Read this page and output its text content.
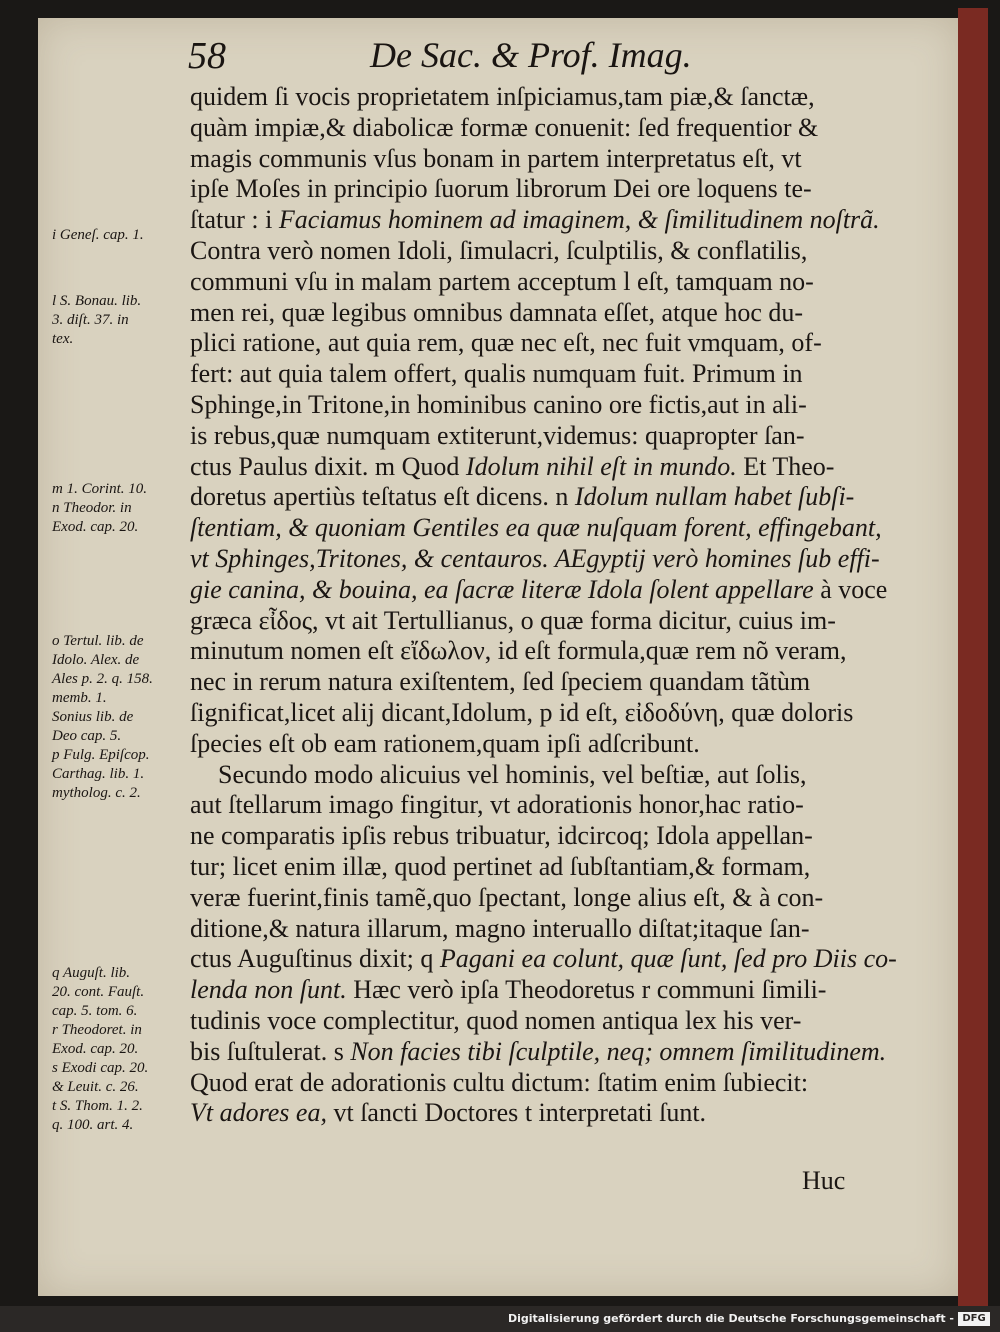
58	De Sac. & Prof. Imag.
quidem ſi vocis proprietatem inſpiciamus,tam piæ,& ſanctæ,
quàm impiæ,& diabolicæ formæ conuenit: ſed frequentior &
magis communis vſus bonam in partem interpretatus eſt, vt
ipſe Moſes in principio ſuorum librorum Dei ore loquens te-
ſtatur : i Faciamus hominem ad imaginem, & ſimilitudinem noſtrã.
Contra verò nomen Idoli, ſimulacri, ſculptilis, & conflatilis,
communi vſu in malam partem acceptum l eſt, tamquam no-
men rei, quæ legibus omnibus damnata eſſet, atque hoc du-
plici ratione, aut quia rem, quæ nec eſt, nec fuit vmquam, of-
fert: aut quia talem offert, qualis numquam fuit. Primum in
Sphinge,in Tritone,in hominibus canino ore fictis,aut in ali-
is rebus,quæ numquam extiterunt,videmus: quapropter ſan-
ctus Paulus dixit. m Quod Idolum nihil eſt in mundo. Et Theo-
doretus apertiùs teſtatus eſt dicens. n Idolum nullam habet ſubſi-
ſtentiam, & quoniam Gentiles ea quæ nuſquam forent, effingebant,
vt Sphinges,Tritones, & centauros. AEgyptij verò homines ſub effi-
gie canina, & bouina, ea ſacræ literæ Idola ſolent appellare à voce
græca εἶδος, vt ait Tertullianus, o quæ forma dicitur, cuius im-
minutum nomen eſt εἴδωλον, id eſt formula,quæ rem nõ veram,
nec in rerum natura exiſtentem, ſed ſpeciem quandam tãtùm
ſignificat,licet alij dicant,Idolum, p id eſt, εἰδοδύνη, quæ doloris
ſpecies eſt ob eam rationem,quam ipſi adſcribunt.
Secundo modo alicuius vel hominis, vel beſtiæ, aut ſolis,
aut ſtellarum imago fingitur, vt adorationis honor,hac ratio-
ne comparatis ipſis rebus tribuatur, idcircoq; Idola appellan-
tur; licet enim illæ, quod pertinet ad ſubſtantiam,& formam,
veræ fuerint,finis tamẽ,quo ſpectant, longe alius eſt, & à con-
ditione,& natura illarum, magno interuallo diſtat;itaque ſan-
ctus Auguſtinus dixit; q Pagani ea colunt, quæ ſunt, ſed pro Diis co-
lenda non ſunt. Hæc verò ipſa Theodoretus r communi ſimili-
tudinis voce complectitur, quod nomen antiqua lex his ver-
bis ſuſtulerat. s Non facies tibi ſculptile, neq; omnem ſimilitudinem.
Quod erat de adorationis cultu dictum: ſtatim enim ſubiecit:
Vt adores ea, vt ſancti Doctores t interpretati ſunt.
i Geneſ. cap. 1.
l S. Bonau. lib.
3. diſt. 37. in
tex.
m 1. Corint. 10.
n Theodor. in
Exod. cap. 20.
o Tertul. lib. de
Idolo. Alex. de
Ales p. 2. q. 158.
memb. 1.
Sonius lib. de
Deo cap. 5.
p Fulg. Epiſcop.
Carthag. lib. 1.
mytholog. c. 2.
q Auguſt. lib.
20. cont. Fauſt.
cap. 5. tom. 6.
r Theodoret. in
Exod. cap. 20.
s Exodi cap. 20.
& Leuit. c. 26.
t S. Thom. 1. 2.
q. 100. art. 4.
Huc
Digitalisierung gefördert durch die Deutsche Forschungsgemeinschaft - DFG
